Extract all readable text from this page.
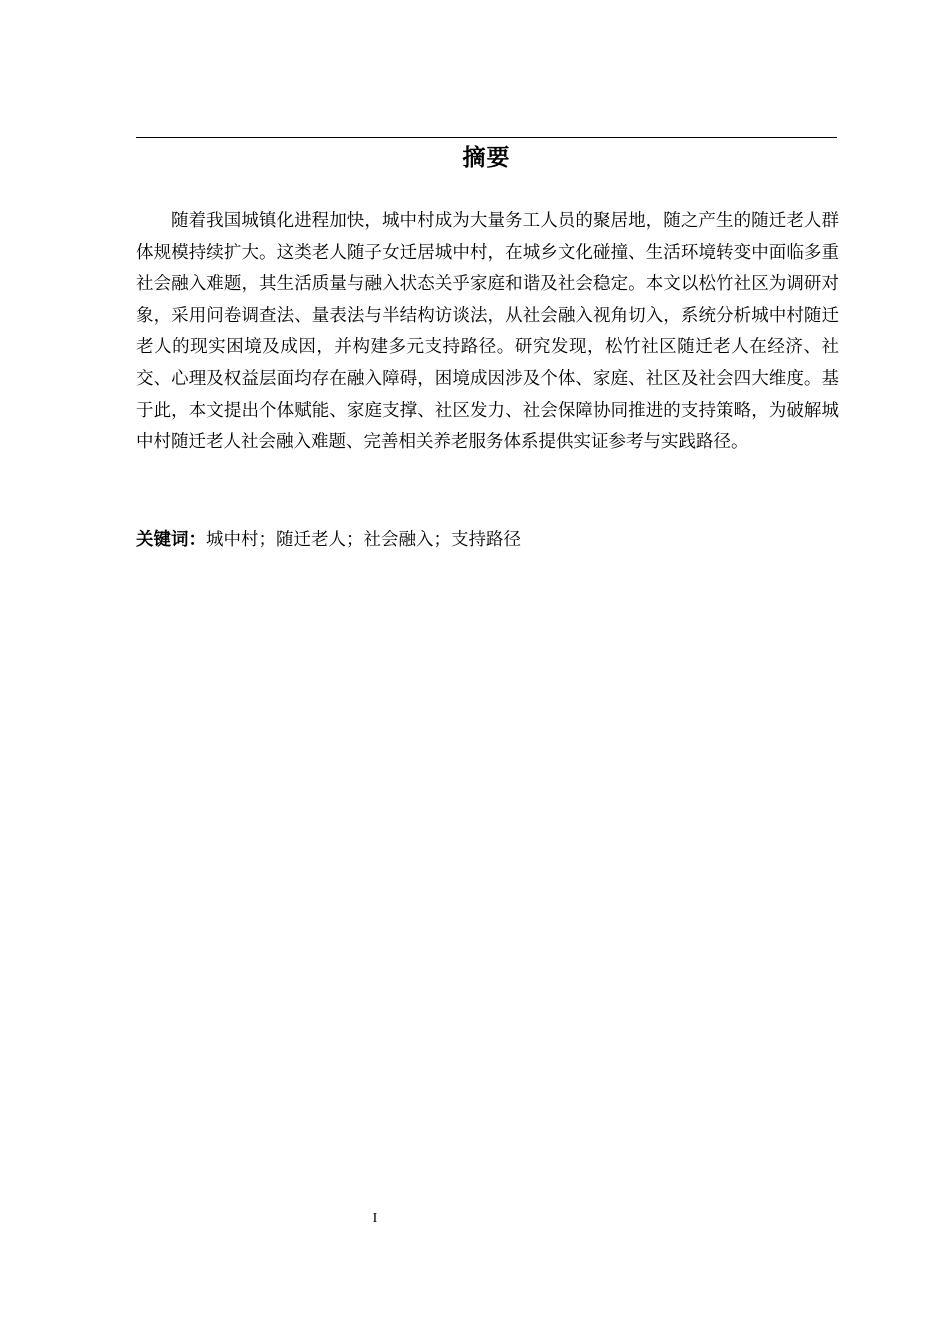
摘要

随着我国城镇化进程加快，城中村成为大量务工人员的聚居地，随之产生的随迁老人群体规模持续扩大。这类老人随子女迁居城中村，在城乡文化碰撞、生活环境转变中面临多重社会融入难题，其生活质量与融入状态关乎家庭和谐及社会稳定。本文以松竹社区为调研对象，采用问卷调查法、量表法与半结构访谈法，从社会融入视角切入，系统分析城中村随迁老人的现实困境及成因，并构建多元支持路径。研究发现，松竹社区随迁老人在经济、社交、心理及权益层面均存在融入障碍，困境成因涉及个体、家庭、社区及社会四大维度。基于此，本文提出个体赋能、家庭支撑、社区发力、社会保障协同推进的支持策略，为破解城中村随迁老人社会融入难题、完善相关养老服务体系提供实证参考与实践路径。

关键词：城中村；随迁老人；社会融入；支持路径
I
